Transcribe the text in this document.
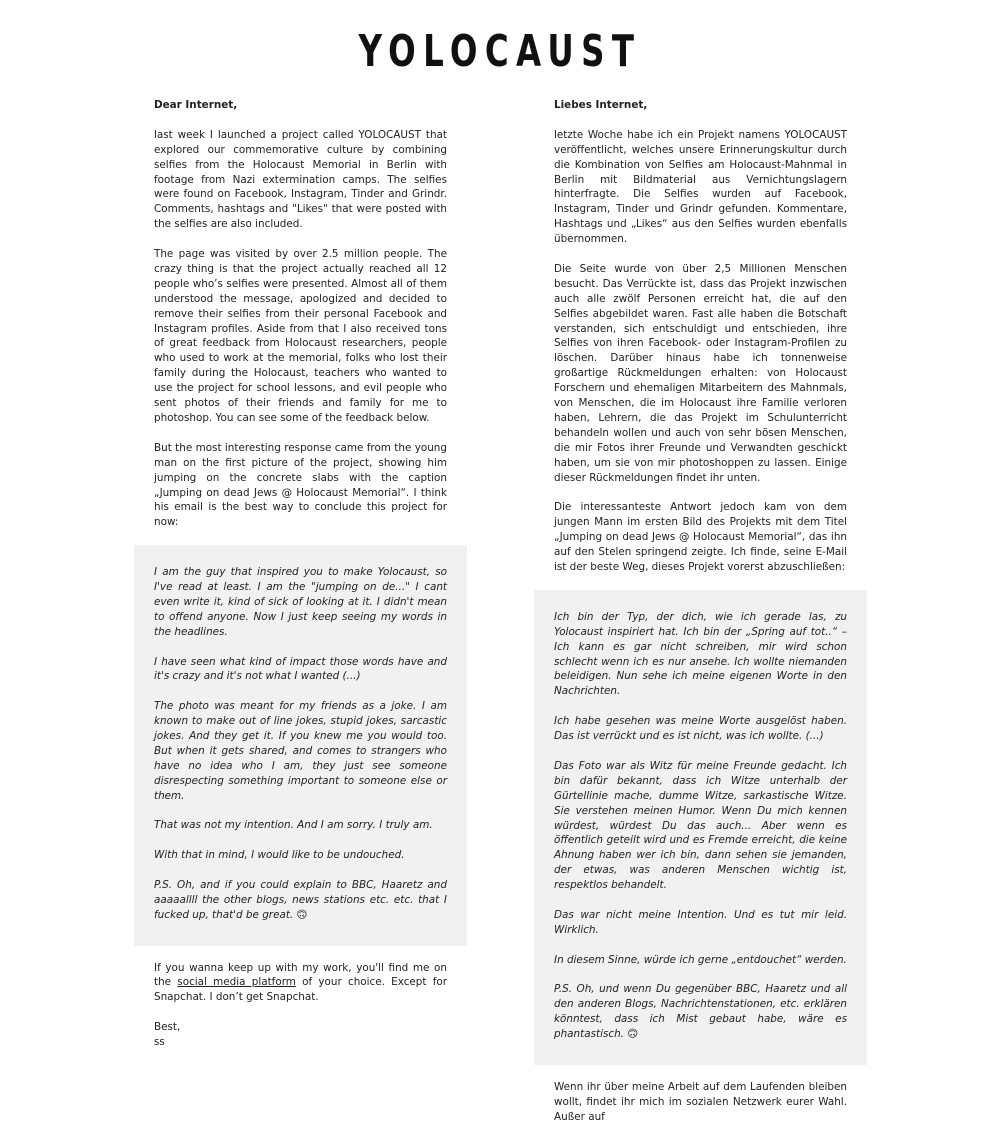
YOLOCAUST

Dear Internet,

last week I launched a project called YOLOCAUST that explored our commemorative culture by combining selfies from the Holocaust Memorial in Berlin with footage from Nazi extermination camps. The selfies were found on Facebook, Instagram, Tinder and Grindr. Comments, hashtags and "Likes" that were posted with the selfies are also included.

The page was visited by over 2.5 million people. The crazy thing is that the project actually reached all 12 people who’s selfies were presented. Almost all of them understood the message, apologized and decided to remove their selfies from their personal Facebook and Instagram profiles. Aside from that I also received tons of great feedback from Holocaust researchers, people who used to work at the memorial, folks who lost their family during the Holocaust, teachers who wanted to use the project for school lessons, and evil people who sent photos of their friends and family for me to photoshop. You can see some of the feedback below.

But the most interesting response came from the young man on the first picture of the project, showing him jumping on the concrete slabs with the caption „Jumping on dead Jews @ Holocaust Memorial“. I think his email is the best way to conclude this project for now:

I am the guy that inspired you to make Yolocaust, so I've read at least. I am the "jumping on de..." I cant even write it, kind of sick of looking at it. I didn't mean to offend anyone. Now I just keep seeing my words in the headlines.

I have seen what kind of impact those words have and it's crazy and it's not what I wanted (...)

The photo was meant for my friends as a joke. I am known to make out of line jokes, stupid jokes, sarcastic jokes. And they get it. If you knew me you would too. But when it gets shared, and comes to strangers who have no idea who I am, they just see someone disrespecting something important to someone else or them.

That was not my intention. And I am sorry. I truly am.

With that in mind, I would like to be undouched.

P.S. Oh, and if you could explain to BBC, Haaretz and aaaaallll the other blogs, news stations etc. etc. that I fucked up, that'd be great. 🙃

If you wanna keep up with my work, you'll find me on the social media platform of your choice. Except for Snapchat. I don’t get Snapchat.

Best,
ss

Liebes Internet,

letzte Woche habe ich ein Projekt namens YOLOCAUST veröffentlicht, welches unsere Erinnerungskultur durch die Kombination von Selfies am Holocaust-Mahnmal in Berlin mit Bildmaterial aus Vernichtungslagern hinterfragte. Die Selfies wurden auf Facebook, Instagram, Tinder und Grindr gefunden. Kommentare, Hashtags und „Likes“ aus den Selfies wurden ebenfalls übernommen.

Die Seite wurde von über 2,5 Millionen Menschen besucht. Das Verrückte ist, dass das Projekt inzwischen auch alle zwölf Personen erreicht hat, die auf den Selfies abgebildet waren. Fast alle haben die Botschaft verstanden, sich entschuldigt und entschieden, ihre Selfies von ihren Facebook- oder Instagram-Profilen zu löschen. Darüber hinaus habe ich tonnenweise großartige Rückmeldungen erhalten: von Holocaust Forschern und ehemaligen Mitarbeitern des Mahnmals, von Menschen, die im Holocaust ihre Familie verloren haben, Lehrern, die das Projekt im Schulunterricht behandeln wollen und auch von sehr bösen Menschen, die mir Fotos ihrer Freunde und Verwandten geschickt haben, um sie von mir photoshoppen zu lassen. Einige dieser Rückmeldungen findet ihr unten.

Die interessanteste Antwort jedoch kam von dem jungen Mann im ersten Bild des Projekts mit dem Titel „Jumping on dead Jews @ Holocaust Memorial“, das ihn auf den Stelen springend zeigte. Ich finde, seine E-Mail ist der beste Weg, dieses Projekt vorerst abzuschließen:

Ich bin der Typ, der dich, wie ich gerade las, zu Yolocaust inspiriert hat. Ich bin der „Spring auf tot..“ – Ich kann es gar nicht schreiben, mir wird schon schlecht wenn ich es nur ansehe. Ich wollte niemanden beleidigen. Nun sehe ich meine eigenen Worte in den Nachrichten.

Ich habe gesehen was meine Worte ausgelöst haben. Das ist verrückt und es ist nicht, was ich wollte. (...)

Das Foto war als Witz für meine Freunde gedacht. Ich bin dafür bekannt, dass ich Witze unterhalb der Gürtellinie mache, dumme Witze, sarkastische Witze. Sie verstehen meinen Humor. Wenn Du mich kennen würdest, würdest Du das auch... Aber wenn es öffentlich geteilt wird und es Fremde erreicht, die keine Ahnung haben wer ich bin, dann sehen sie jemanden, der etwas, was anderen Menschen wichtig ist, respektlos behandelt.

Das war nicht meine Intention. Und es tut mir leid. Wirklich.

In diesem Sinne, würde ich gerne „entdouchet“ werden.

P.S. Oh, und wenn Du gegenüber BBC, Haaretz und all den anderen Blogs, Nachrichtenstationen, etc. erklären könntest, dass ich Mist gebaut habe, wäre es phantastisch. 🙃

Wenn ihr über meine Arbeit auf dem Laufenden bleiben wollt, findet ihr mich im sozialen Netzwerk eurer Wahl. Außer auf
